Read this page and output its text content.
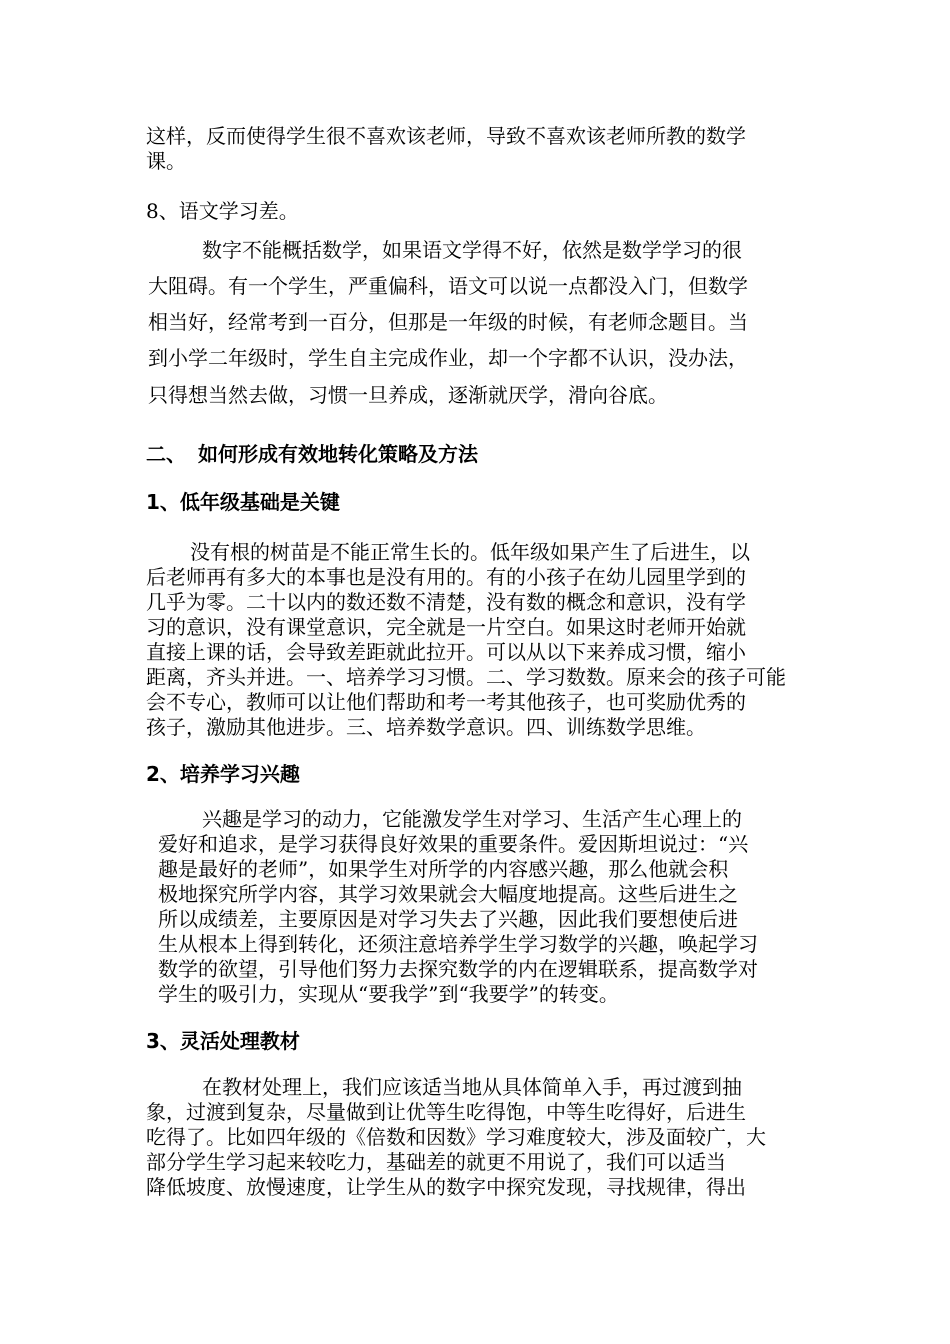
这样，反而使得学生很不喜欢该老师，导致不喜欢该老师所教的数学
课。
8、语文学习差。
数字不能概括数学，如果语文学得不好，依然是数学学习的很
大阻碍。有一个学生，严重偏科，语文可以说一点都没入门，但数学
相当好，经常考到一百分，但那是一年级的时候，有老师念题目。当
到小学二年级时，学生自主完成作业，却一个字都不认识，没办法，
只得想当然去做，习惯一旦养成，逐渐就厌学，滑向谷底。
二、 如何形成有效地转化策略及方法
1、低年级基础是关键
没有根的树苗是不能正常生长的。低年级如果产生了后进生，以
后老师再有多大的本事也是没有用的。有的小孩子在幼儿园里学到的
几乎为零。二十以内的数还数不清楚，没有数的概念和意识，没有学
习的意识，没有课堂意识，完全就是一片空白。如果这时老师开始就
直接上课的话，会导致差距就此拉开。可以从以下来养成习惯，缩小
距离，齐头并进。一、培养学习习惯。二、学习数数。原来会的孩子可能
会不专心，教师可以让他们帮助和考一考其他孩子，也可奖励优秀的
孩子，激励其他进步。三、培养数学意识。四、训练数学思维。
2、培养学习兴趣
兴趣是学习的动力，它能激发学生对学习、生活产生心理上的
爱好和追求，是学习获得良好效果的重要条件。爱因斯坦说过：“兴
趣是最好的老师”，如果学生对所学的内容感兴趣，那么他就会积
极地探究所学内容，其学习效果就会大幅度地提高。这些后进生之
所以成绩差，主要原因是对学习失去了兴趣，因此我们要想使后进
生从根本上得到转化，还须注意培养学生学习数学的兴趣，唤起学习
数学的欲望，引导他们努力去探究数学的内在逻辑联系，提高数学对
学生的吸引力，实现从“要我学”到“我要学”的转变。
3、灵活处理教材
在教材处理上，我们应该适当地从具体简单入手，再过渡到抽
象，过渡到复杂，尽量做到让优等生吃得饱，中等生吃得好，后进生
吃得了。比如四年级的《倍数和因数》学习难度较大，涉及面较广，大
部分学生学习起来较吃力，基础差的就更不用说了，我们可以适当
降低坡度、放慢速度，让学生从的数字中探究发现，寻找规律，得出
